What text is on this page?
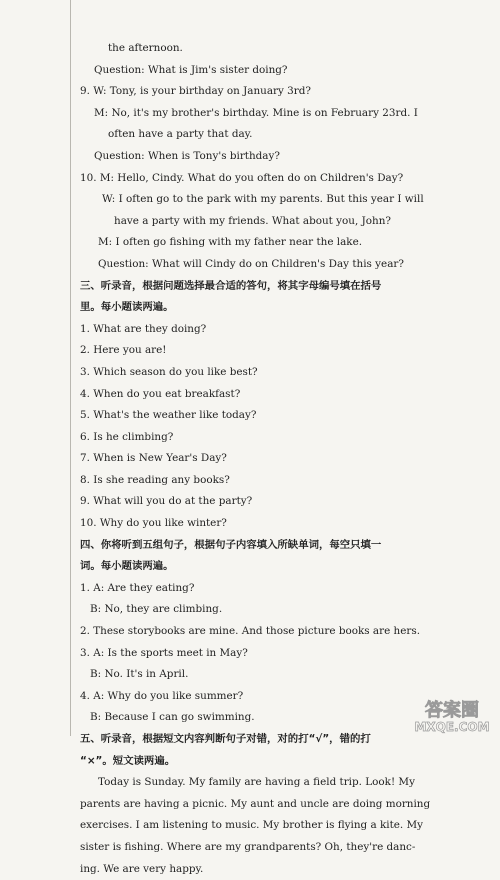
the afternoon.
Question: What is Jim's sister doing?
9. W: Tony, is your birthday on January 3rd?
M: No, it's my brother's birthday. Mine is on February 23rd. I
often have a party that day.
Question: When is Tony's birthday?
10. M: Hello, Cindy. What do you often do on Children's Day?
W: I often go to the park with my parents. But this year I will
have a party with my friends. What about you, John?
M: I often go fishing with my father near the lake.
Question: What will Cindy do on Children's Day this year?
三、听录音，根据问题选择最合适的答句，将其字母编号填在括号
里。每小题读两遍。
1. What are they doing?
2. Here you are!
3. Which season do you like best?
4. When do you eat breakfast?
5. What's the weather like today?
6. Is he climbing?
7. When is New Year's Day?
8. Is she reading any books?
9. What will you do at the party?
10. Why do you like winter?
四、你将听到五组句子，根据句子内容填入所缺单词，每空只填一
词。每小题读两遍。
1. A: Are they eating?
B: No, they are climbing.
2. These storybooks are mine. And those picture books are hers.
3. A: Is the sports meet in May?
B: No. It's in April.
4. A: Why do you like summer?
B: Because I can go swimming.
五、听录音，根据短文内容判断句子对错，对的打“√”，错的打
“×”。短文读两遍。
Today is Sunday. My family are having a field trip. Look! My
parents are having a picnic. My aunt and uncle are doing morning
exercises. I am listening to music. My brother is flying a kite. My
sister is fishing. Where are my grandparents? Oh, they're danc-
ing. We are very happy.
答案圈
MXQE.COM
